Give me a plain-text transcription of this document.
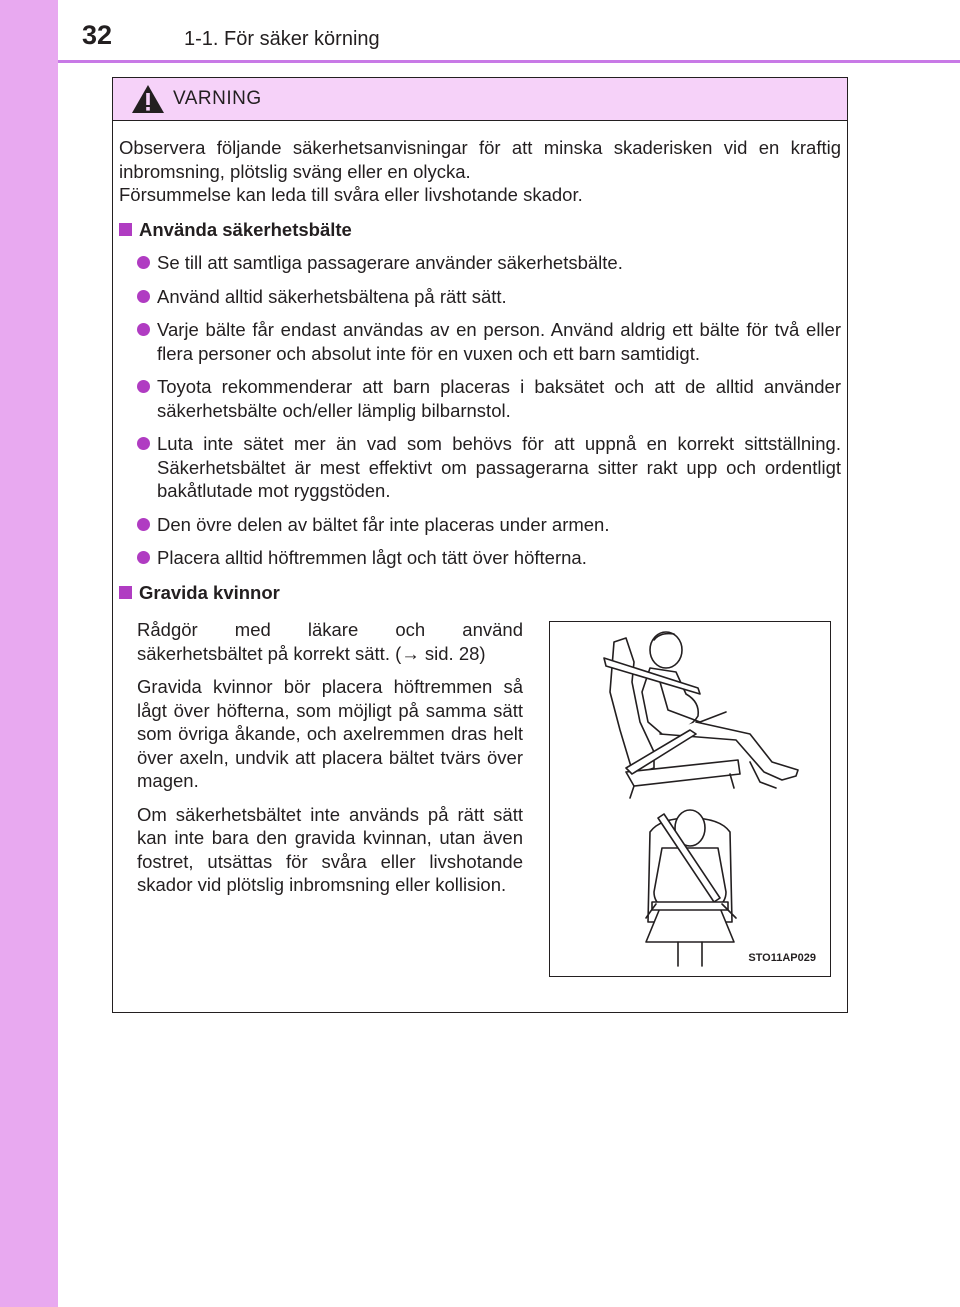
32	1-1. För säker körning
VARNING

Observera följande säkerhetsanvisningar för att minska skaderisken vid en kraftig inbromsning, plötslig sväng eller en olycka.

Försummelse kan leda till svåra eller livshotande skador.

Använda säkerhetsbälte
Se till att samtliga passagerare använder säkerhetsbälte.
Använd alltid säkerhetsbältena på rätt sätt.
Varje bälte får endast användas av en person. Använd aldrig ett bälte för två eller flera personer och absolut inte för en vuxen och ett barn samtidigt.
Toyota rekommenderar att barn placeras i baksätet och att de alltid använder säkerhetsbälte och/eller lämplig bilbarnstol.
Luta inte sätet mer än vad som behövs för att uppnå en korrekt sittställning. Säkerhetsbältet är mest effektivt om passagerarna sitter rakt upp och ordentligt bakåtlutade mot ryggstöden.
Den övre delen av bältet får inte placeras under armen.
Placera alltid höftremmen lågt och tätt över höfterna.
Gravida kvinnor

Rådgör med läkare och använd säkerhetsbältet på korrekt sätt. (→ sid. 28)

Gravida kvinnor bör placera höftremmen så lågt över höfterna, som möjligt på samma sätt som övriga åkande, och axelremmen dras helt över axeln, undvik att placera bältet tvärs över magen.

Om säkerhetsbältet inte används på rätt sätt kan inte bara den gravida kvinnan, utan även fostret, utsättas för svåra eller livshotande skador vid plötslig inbromsning eller kollision.

STO11AP029
